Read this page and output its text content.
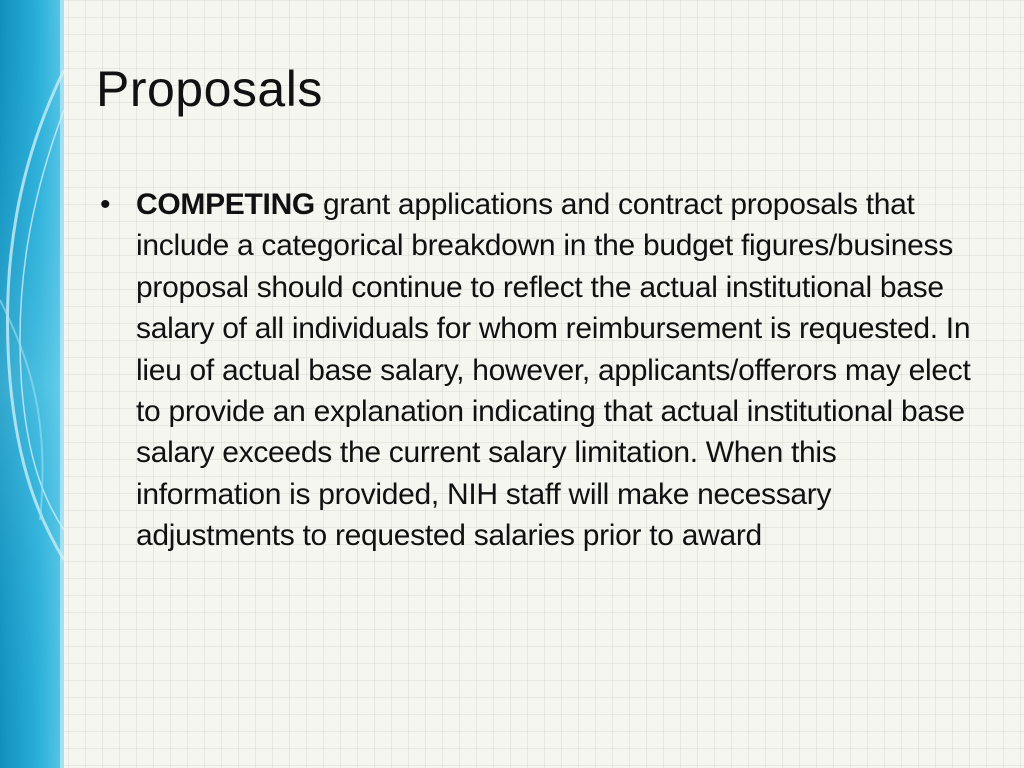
Proposals
• COMPETING grant applications and contract proposals that include a categorical breakdown in the budget figures/business proposal should continue to reflect the actual institutional base salary of all individuals for whom reimbursement is requested. In lieu of actual base salary, however, applicants/offerors may elect to provide an explanation indicating that actual institutional base salary exceeds the current salary limitation. When this information is provided, NIH staff will make necessary adjustments to requested salaries prior to award
